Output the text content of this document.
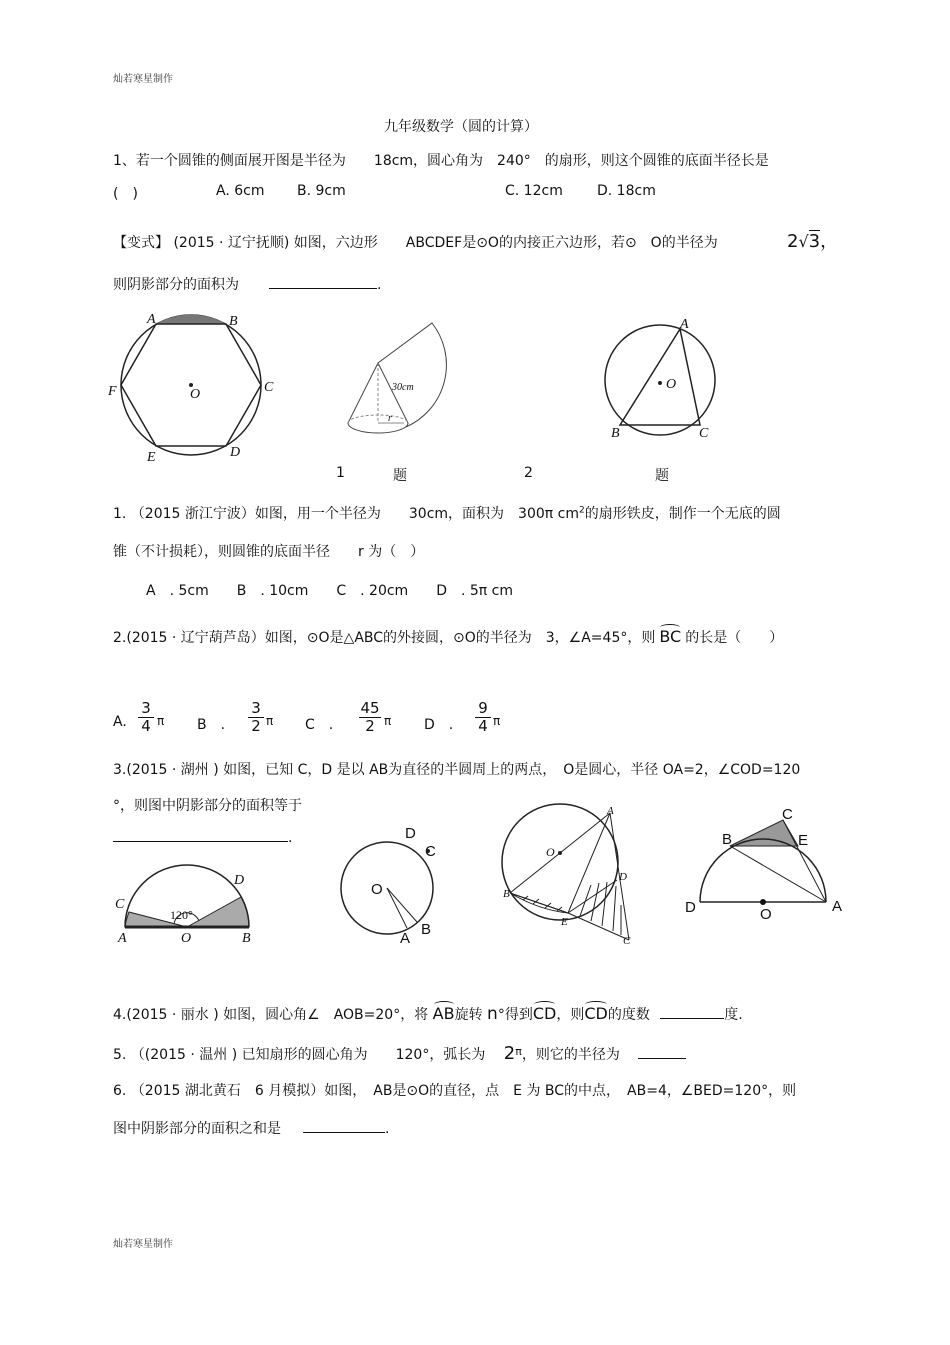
灿若寒星制作
灿若寒星制作
九年级数学（圆的计算）
1、若一个圆锥的侧面展开图是半径为　　18cm，圆心角为　240°　的扇形，则这个圆锥的底面半径长是
(　)	A. 6cm B. 9cm	C. 12cm D. 18cm
【变式】 (2015 · 辽宁抚顺) 如图，六边形　　ABCDEF是⊙O的内接正六边形，若⊙　O的半径为	2√3，
则阴影部分的面积为	.
A	B
C
D
E
F	O	30cm
r
A
O
B	C
1	题	2	题
1. （2015 浙江宁波）如图，用一个半径为　　30cm，面积为　300π $cm^2$的扇形铁皮，制作一个无底的圆
锥（不计损耗），则圆锥的底面半径　　r 为（　）
A　. 5cm　　B　. 10cm　　C　. 20cm　　D　. 5π cm
2.(2015 · 辽宁葫芦岛）如图，⊙O是△ABC的外接圆，⊙O的半径为　3，∠A=45°，则 BC 的长是（　　）
A. $\frac{3}{4}$ π B　. $\frac{3}{2}$ π C　. $\frac{45}{2}$ π D　. $\frac{9}{4}$ π
3.(2015 · 湖州 ) 如图，已知 C，D 是以 AB为直径的半圆周上的两点，　O是圆心，半径 OA=2，∠COD=120
°，则图中阴影部分的面积等于
.
C
D
120°
A	O	B
D
C
O
A
B
A
O
B
E
D
C
C
B	E
D	O	A
4.(2015 · 丽水 ) 如图，圆心角∠　AOB=20°，将 AB旋转 n°得到CD，则CD的度数	度.
5. （(2015 · 温州 ) 已知扇形的圆心角为　　120°，弧长为 $2^\pi$，则它的半径为
6. （2015 湖北黄石　6 月模拟）如图，　AB是⊙O的直径，点　E 为 BC的中点，　AB=4，∠BED=120°，则
图中阴影部分的面积之和是	.
